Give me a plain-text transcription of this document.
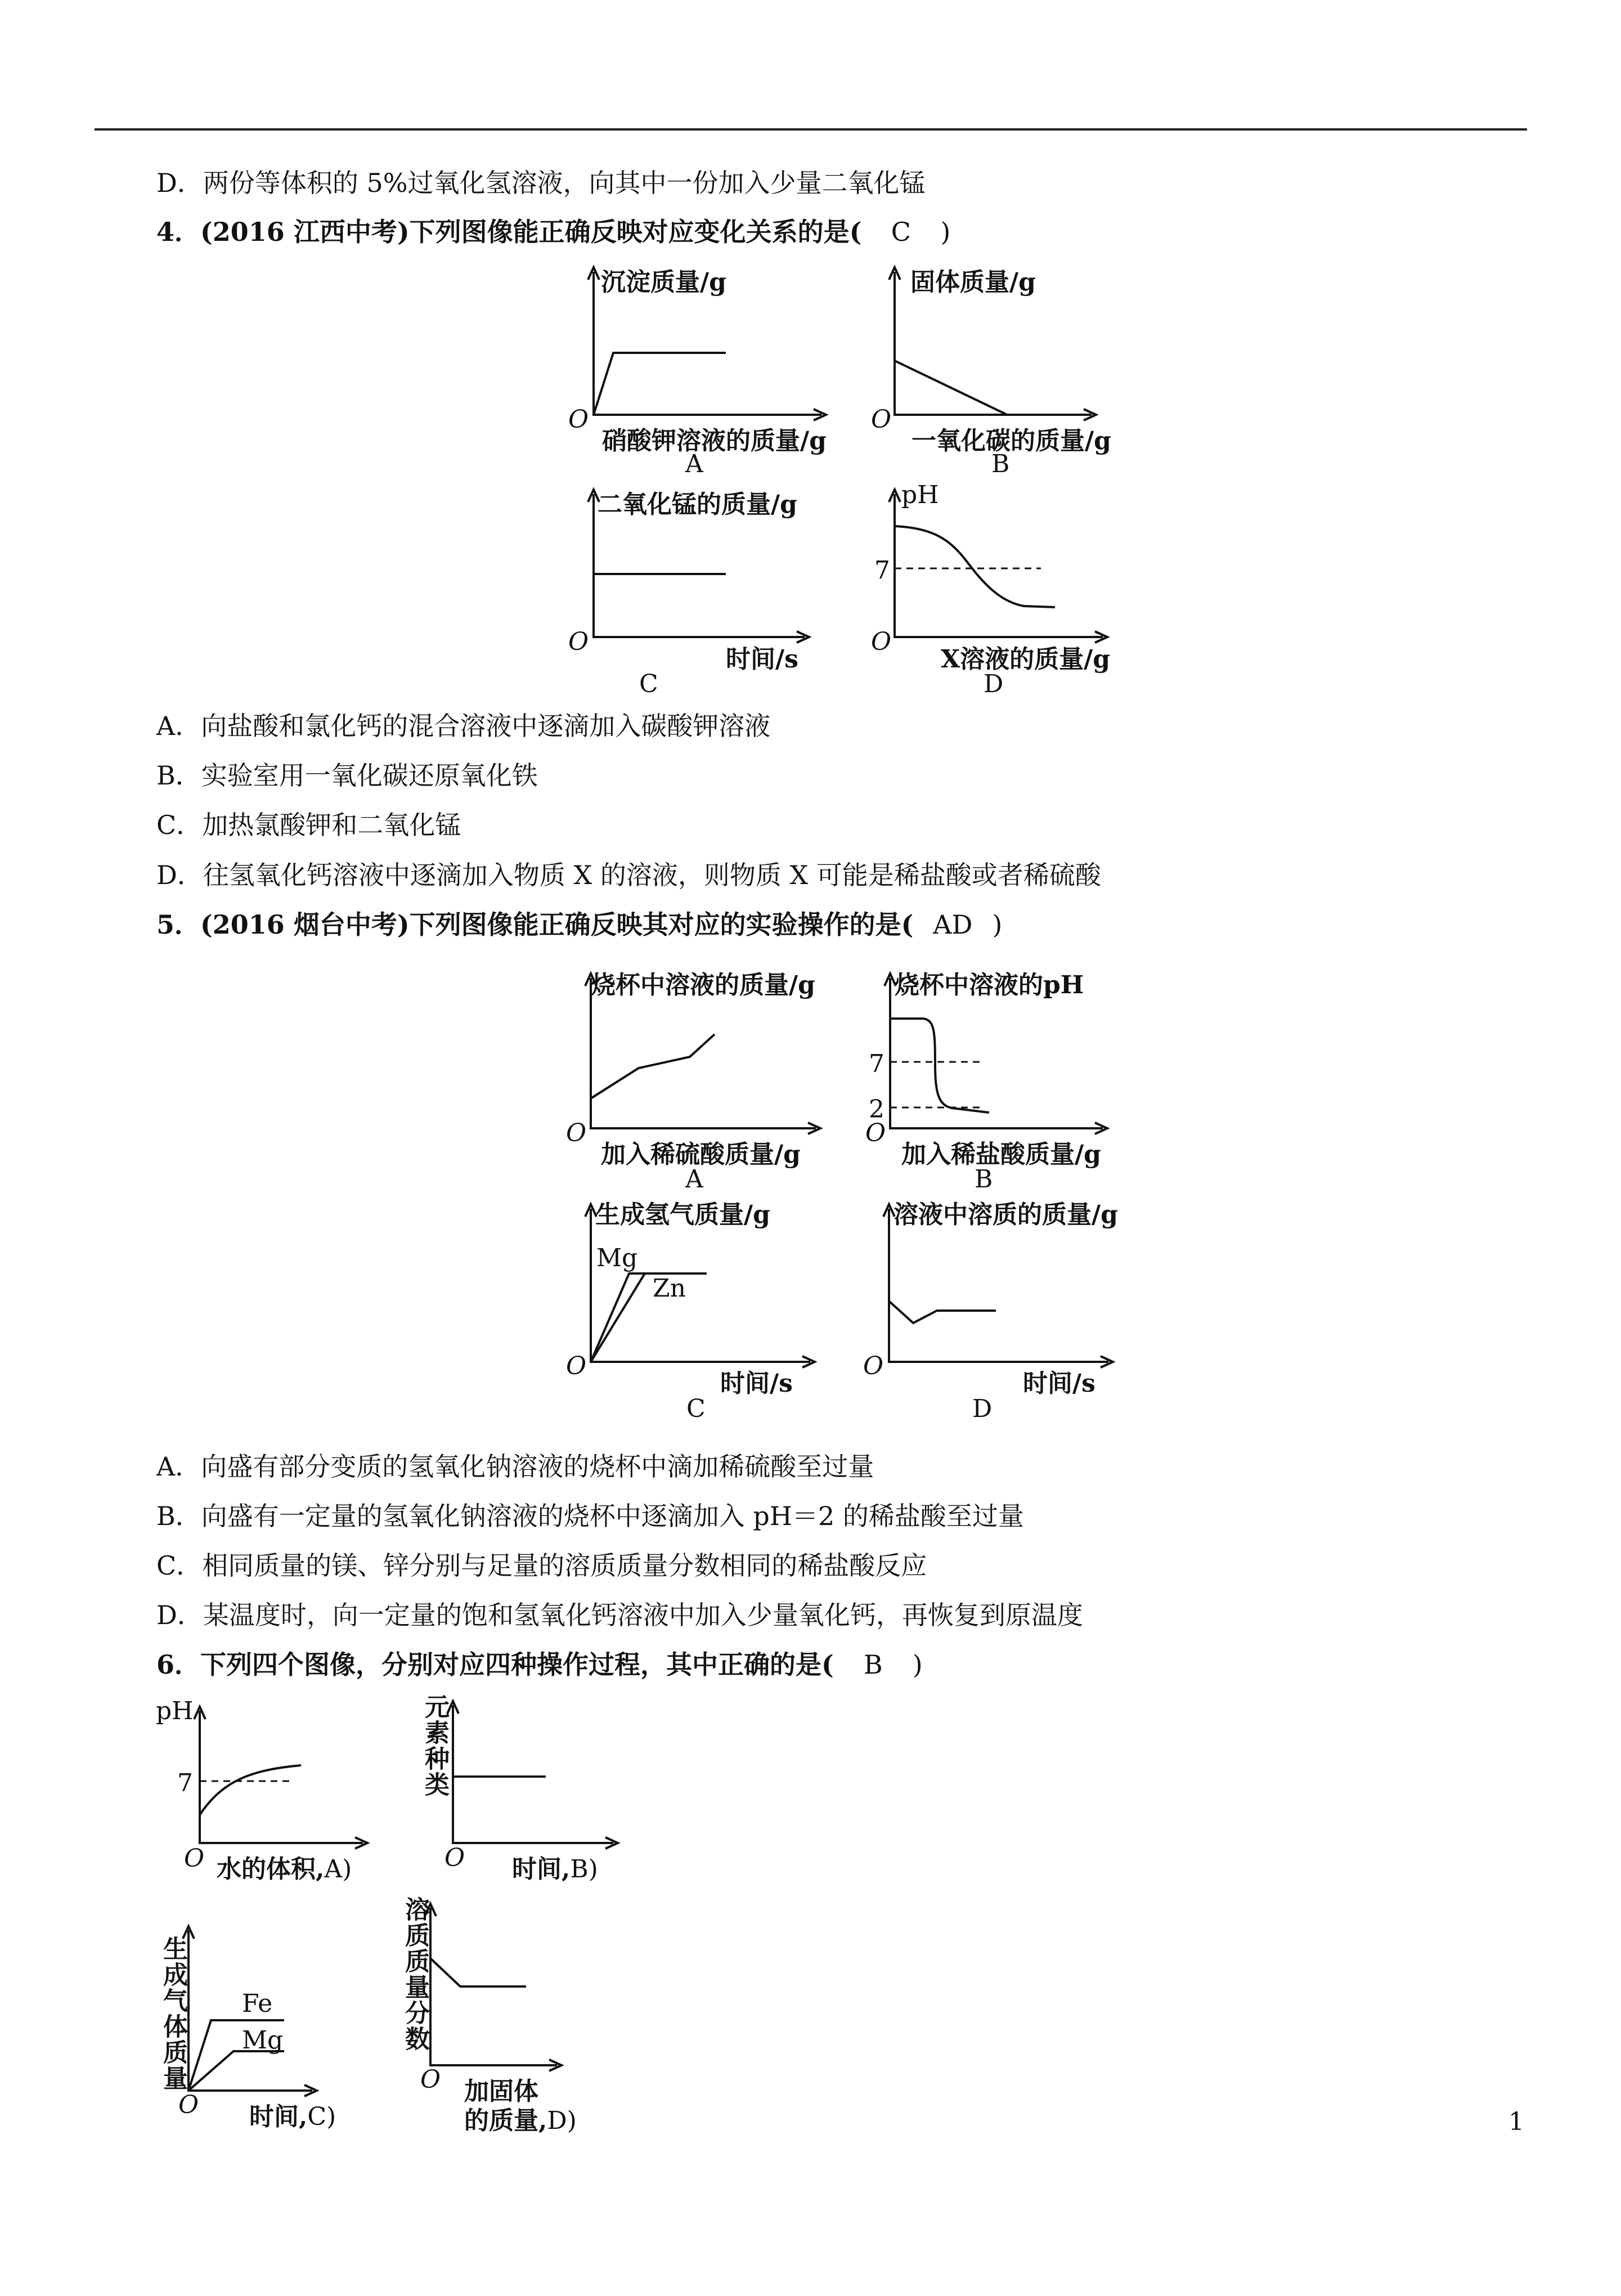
D．两份等体积的 5%过氧化氢溶液，向其中一份加入少量二氧化锰
4．(2016 江西中考)下列图像能正确反映对应变化关系的是( C )
沉淀质量/g
O
硝酸钾溶液的质量/g
A
固体质量/g
O
一氧化碳的质量/g
B
二氧化锰的质量/g
O
时间/s
C
pH
7
O
X溶液的质量/g
D
A．向盐酸和氯化钙的混合溶液中逐滴加入碳酸钾溶液
B．实验室用一氧化碳还原氧化铁
C．加热氯酸钾和二氧化锰
D．往氢氧化钙溶液中逐滴加入物质 X 的溶液，则物质 X 可能是稀盐酸或者稀硫酸
5．(2016 烟台中考)下列图像能正确反映其对应的实验操作的是( AD )
烧杯中溶液的质量/g
O
加入稀硫酸质量/g
A
烧杯中溶液的pH
7
2
O
加入稀盐酸质量/g
B
生成氢气质量/g
Mg
Zn
O
时间/s
C
溶液中溶质的质量/g
O
时间/s
D
A．向盛有部分变质的氢氧化钠溶液的烧杯中滴加稀硫酸至过量
B．向盛有一定量的氢氧化钠溶液的烧杯中逐滴加入 pH＝2 的稀盐酸至过量
C．相同质量的镁、锌分别与足量的溶质质量分数相同的稀盐酸反应
D．某温度时，向一定量的饱和氢氧化钙溶液中加入少量氧化钙，再恢复到原温度
6．下列四个图像，分别对应四种操作过程，其中正确的是( B )
pH
7
O 水的体积,A)
元素种类
O 时间,B)
生成气体质量 Fe
Mg
O 时间,C)
溶质质量分数
O 加固体
的质量,D)	1
